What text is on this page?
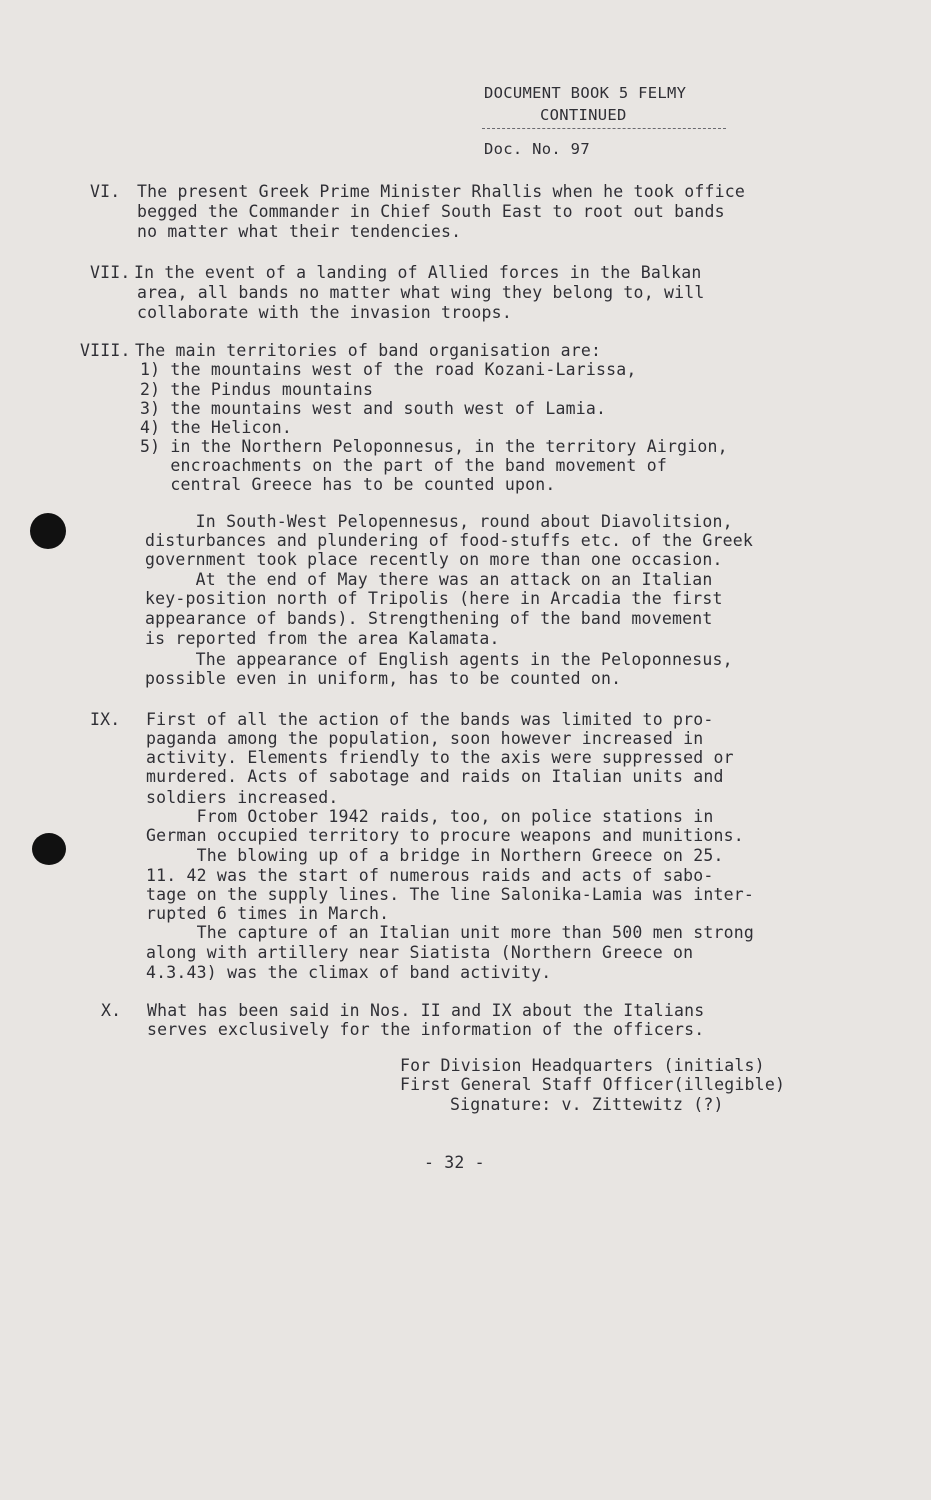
DOCUMENT BOOK 5 FELMY
CONTINUED
Doc. No. 97
VI. The present Greek Prime Minister Rhallis when he took office
begged the Commander in Chief South East to root out bands
no matter what their tendencies.
VII. In the event of a landing of Allied forces in the Balkan
area, all bands no matter what wing they belong to, will
collaborate with the invasion troops.
VIII. The main territories of band organisation are:
1) the mountains west of the road Kozani-Larissa,
2) the Pindus mountains
3) the mountains west and south west of Lamia.
4) the Helicon.
5) in the Northern Peloponnesus, in the territory Airgion,
encroachments on the part of the band movement of
central Greece has to be counted upon.
In South-West Pelopennesus, round about Diavolitsion,
disturbances and plundering of food-stuffs etc. of the Greek
government took place recently on more than one occasion.
At the end of May there was an attack on an Italian
key-position north of Tripolis (here in Arcadia the first
appearance of bands). Strengthening of the band movement
is reported from the area Kalamata.
The appearance of English agents in the Peloponnesus,
possible even in uniform, has to be counted on.
IX. First of all the action of the bands was limited to pro-
paganda among the population, soon however increased in
activity. Elements friendly to the axis were suppressed or
murdered. Acts of sabotage and raids on Italian units and
soldiers increased.
From October 1942 raids, too, on police stations in
German occupied territory to procure weapons and munitions.
The blowing up of a bridge in Northern Greece on 25.
11. 42 was the start of numerous raids and acts of sabo-
tage on the supply lines. The line Salonika-Lamia was inter-
rupted 6 times in March.
The capture of an Italian unit more than 500 men strong
along with artillery near Siatista (Northern Greece on
4.3.43) was the climax of band activity.
X. What has been said in Nos. II and IX about the Italians
serves exclusively for the information of the officers.
For Division Headquarters (initials)
First General Staff Officer(illegible)
Signature: v. Zittewitz (?)
- 32 -
